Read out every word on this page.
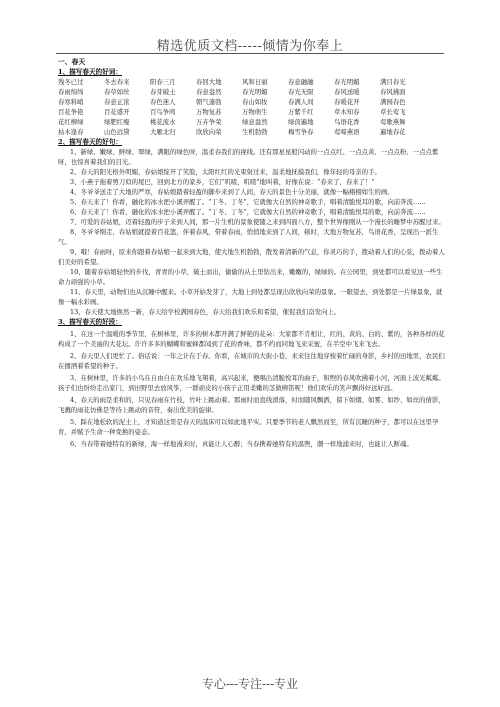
精选优质文档-----倾情为你奉上
一、春天
1、描写春天的好词：
残冬已过	冬去春来	阳春三月	春回大地	风和日丽	春意融融	春光明媚	满目春光
春雨绵绵	春草如丝	春芽破土	春意盎然	春光明媚	春光无限	春风送暖	春风拂面
春寒料峭	春意正浓	春色迷人	朝气蓬勃	春山如妆	春满人间	春暖花开	满园春色
百花争艳	百花盛开	百鸟争鸣	万物复苏	万物萌生	万紫千红	草木知春	草长莺飞
花红柳绿	绿肥红瘦	桃花流水	万卉争荣	绿意盎然	绿茵遍地	鸟语花香	莺歌燕舞
枯木逢春	山色远黛	大雁北归	欣欣向荣	生机勃勃	梅雪争春	莺啼燕语	遍地春花
2、描写春天的好句：

1、新绿、嫩绿、鲜绿、翠绿，满眼的绿色呀，温柔春我们的视线。还有那星星般闪动的一点点红、一点点黄、一点点粉、一点点紫呀，也惊喜着我们的目光。

2、春天的阳光格外明媚，春姑娘绽开了笑脸，太阳红红的光束射过来，温柔地抚摸我们，像年轻的母亲的手。

3、小燕子拖着剪刀似的尾巴，回到北方的家乡，它们“叽喳，叽喳”地叫着，好像在说：“春来了，春来了！”

4、冬爷爷送走了大地的严寒，春姑娘踏着轻盈的脚步来到了人间，春天的景色十分美丽，就像一幅栩栩如生的画。

5、春天来了！你看，融化的冰水把小溪弄醒了。“丁冬、丁冬”，它就像大自然的神奇歌手，唱着清脆悦耳的歌，向前奔流……

6、春天来了！你看，融化的冰水把小溪弄醒了。“丁冬、丁冬”，它就像大自然的神奇歌手，唱着清脆悦耳的歌，向前奔流……

7、可爱的春姑娘，迈着轻盈的步子来到人间，那一片生机的景象使随之来到四面八方，整个世界像刚从一个漫长的睡梦中苏醒过来。

8、冬爷爷刚走，春姑娘就提着百花篮，伴着春风，带着春雨，悄悄地来到了人间，顿时，大地万物复苏，鸟语花香，呈现出一派生气。

9、哦！春雨呀，原来你跟着春姑娘一起来到大地，使大地生机勃勃，散发着清新的气息，你灵巧的手，拨动着人们的心弦，拨动着人们美好的希望。

10、随着春姑娘轻快的步伐，青青的小草，破土而出，偷偷的从土里钻出来，嫩嫩的，绿绿的。在公园里，到处都可以看见这一些生命力顽强的小草。

11、春天里，动物们也从沉睡中醒来。小草开始发芽了，大地上到处都呈现出欣欣向荣的景象。一眼望去，到处都是一片绿景象，就像一幅水彩画。

13、春天使大地焕然一新，春天给学校满园春色，春天给我们欢乐和希望，催促我们奋发向上。

3、描写春天的好段：

1、在这一个温暖的季节里，在树林里，许多的树木都开满了鲜艳的花朵：大家都不肯相让，红的、黄的、白的、紫的，各种各样的花构成了一个美丽的大花坛。许许多多的蝴蝶和蜜蜂都闻到了花的香味，都不约而同地飞来采蜜，在半空中飞来飞去。

2、春天里人们更忙了。俗话说：一年之计在于春。你看，在城市的大街小巷，来来往往地穿梭着忙碌的身影，乡村的田地里，农民们在播洒着希望的种子。

3、在树林里，许多的小鸟在自由自在欢乐地飞翔着，高兴起来，便唱出清脆悦耳的曲子，和煦的春风吹拂着小河，河面上波光粼粼。孩子们也纷纷走出家门，到田野里去放风筝，一群顽皮的小孩子正用柔嫩的茎做柳笛呢！他们欢乐的笑声飘得好远好远。

4、春天的雨是柔和的，只见春雨在竹枝，竹叶上跳动着。那雨时而直线滑落，时而随风飘洒，留下如烟、如雾、如纱、如丝的倩影，飞溅的雨花仿佛是等待上跳动的音符，奏出优美的旋律。

5、踩在地松软的泥土上，才知道这里是春天的温床可以如此地平实。只要季节的老人飘然而至，所有沉睡的种子，都可以在这里孕育，并赋予生命一种变换的姿态。

6、当春带着她特有的新绿，海一样地漫来时，真能让人心醉；当春携着她特有的温煦，潮一样地涌来时，也能让人断魂。

专心---专注---专业
